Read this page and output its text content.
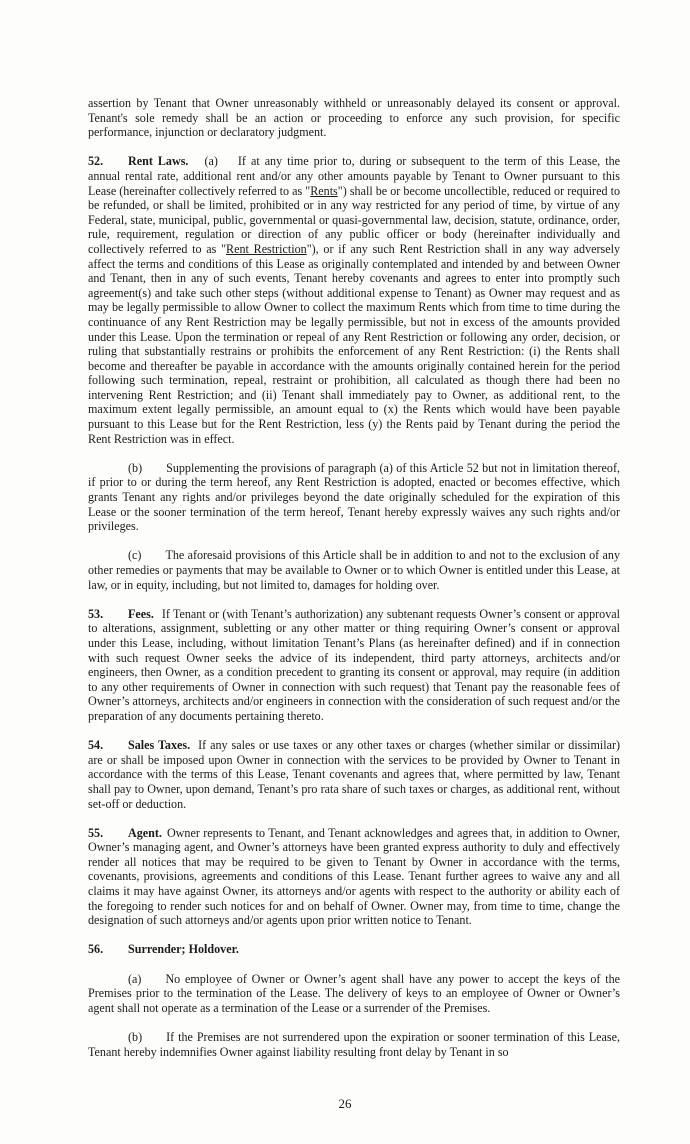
assertion by Tenant that Owner unreasonably withheld or unreasonably delayed its consent or approval. Tenant's sole remedy shall be an action or proceeding to enforce any such provision, for specific performance, injunction or declaratory judgment.

52. Rent Laws. (a) If at any time prior to, during or subsequent to the term of this Lease, the annual rental rate, additional rent and/or any other amounts payable by Tenant to Owner pursuant to this Lease (hereinafter collectively referred to as "Rents") shall be or become uncollectible, reduced or required to be refunded, or shall be limited, prohibited or in any way restricted for any period of time, by virtue of any Federal, state, municipal, public, governmental or quasi-governmental law, decision, statute, ordinance, order, rule, requirement, regulation or direction of any public officer or body (hereinafter individually and collectively referred to as "Rent Restriction"), or if any such Rent Restriction shall in any way adversely affect the terms and conditions of this Lease as originally contemplated and intended by and between Owner and Tenant, then in any of such events, Tenant hereby covenants and agrees to enter into promptly such agreement(s) and take such other steps (without additional expense to Tenant) as Owner may request and as may be legally permissible to allow Owner to collect the maximum Rents which from time to time during the continuance of any Rent Restriction may be legally permissible, but not in excess of the amounts provided under this Lease. Upon the termination or repeal of any Rent Restriction or following any order, decision, or ruling that substantially restrains or prohibits the enforcement of any Rent Restriction: (i) the Rents shall become and thereafter be payable in accordance with the amounts originally contained herein for the period following such termination, repeal, restraint or prohibition, all calculated as though there had been no intervening Rent Restriction; and (ii) Tenant shall immediately pay to Owner, as additional rent, to the maximum extent legally permissible, an amount equal to (x) the Rents which would have been payable pursuant to this Lease but for the Rent Restriction, less (y) the Rents paid by Tenant during the period the Rent Restriction was in effect.

(b) Supplementing the provisions of paragraph (a) of this Article 52 but not in limitation thereof, if prior to or during the term hereof, any Rent Restriction is adopted, enacted or becomes effective, which grants Tenant any rights and/or privileges beyond the date originally scheduled for the expiration of this Lease or the sooner termination of the term hereof, Tenant hereby expressly waives any such rights and/or privileges.

(c) The aforesaid provisions of this Article shall be in addition to and not to the exclusion of any other remedies or payments that may be available to Owner or to which Owner is entitled under this Lease, at law, or in equity, including, but not limited to, damages for holding over.

53. Fees. If Tenant or (with Tenant’s authorization) any subtenant requests Owner’s consent or approval to alterations, assignment, subletting or any other matter or thing requiring Owner’s consent or approval under this Lease, including, without limitation Tenant’s Plans (as hereinafter defined) and if in connection with such request Owner seeks the advice of its independent, third party attorneys, architects and/or engineers, then Owner, as a condition precedent to granting its consent or approval, may require (in addition to any other requirements of Owner in connection with such request) that Tenant pay the reasonable fees of Owner’s attorneys, architects and/or engineers in connection with the consideration of such request and/or the preparation of any documents pertaining thereto.

54. Sales Taxes. If any sales or use taxes or any other taxes or charges (whether similar or dissimilar) are or shall be imposed upon Owner in connection with the services to be provided by Owner to Tenant in accordance with the terms of this Lease, Tenant covenants and agrees that, where permitted by law, Tenant shall pay to Owner, upon demand, Tenant’s pro rata share of such taxes or charges, as additional rent, without set-off or deduction.

55. Agent. Owner represents to Tenant, and Tenant acknowledges and agrees that, in addition to Owner, Owner’s managing agent, and Owner’s attorneys have been granted express authority to duly and effectively render all notices that may be required to be given to Tenant by Owner in accordance with the terms, covenants, provisions, agreements and conditions of this Lease. Tenant further agrees to waive any and all claims it may have against Owner, its attorneys and/or agents with respect to the authority or ability each of the foregoing to render such notices for and on behalf of Owner. Owner may, from time to time, change the designation of such attorneys and/or agents upon prior written notice to Tenant.

56. Surrender; Holdover.

(a) No employee of Owner or Owner’s agent shall have any power to accept the keys of the Premises prior to the termination of the Lease. The delivery of keys to an employee of Owner or Owner’s agent shall not operate as a termination of the Lease or a surrender of the Premises.

(b) If the Premises are not surrendered upon the expiration or sooner termination of this Lease, Tenant hereby indemnifies Owner against liability resulting front delay by Tenant in so

26
